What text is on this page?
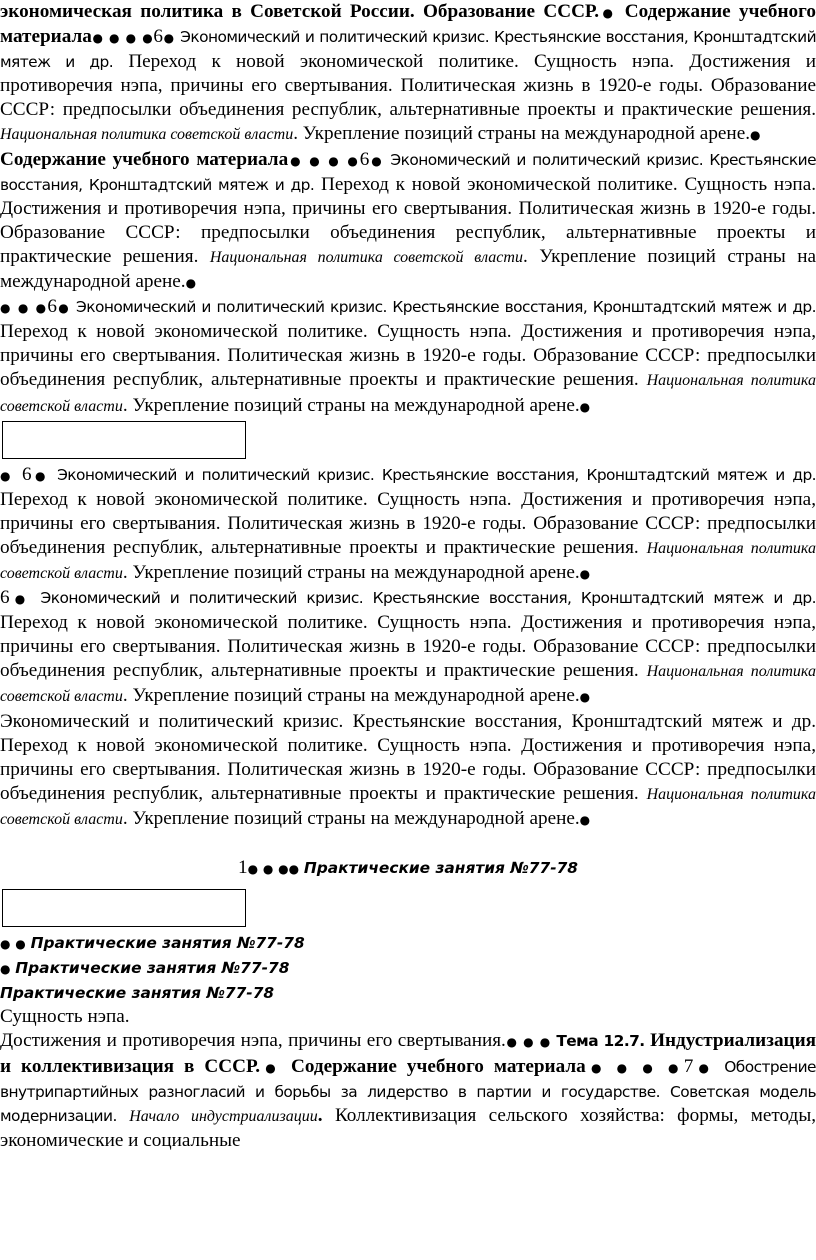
экономическая политика в Советской России. Образование СССР.● Содержание учебного материала● ● ● ●6● Экономический и политический кризис. Крестьянские восстания, Кронштадтский мятеж и др. Переход к новой экономической политике. Сущность нэпа. Достижения и противоречия нэпа, причины его свертывания. Политическая жизнь в 1920-е годы. Образование СССР: предпосылки объединения республик, альтернативные проекты и практические решения. Национальная политика советской власти. Укрепление позиций страны на международной арене.●

Содержание учебного материала● ● ● ●6● Экономический и политический кризис. Крестьянские восстания, Кронштадтский мятеж и др. Переход к новой экономической политике. Сущность нэпа. Достижения и противоречия нэпа, причины его свертывания. Политическая жизнь в 1920-е годы. Образование СССР: предпосылки объединения республик, альтернативные проекты и практические решения. Национальная политика советской власти. Укрепление позиций страны на международной арене.●

● ● ●6● Экономический и политический кризис. Крестьянские восстания, Кронштадтский мятеж и др. Переход к новой экономической политике. Сущность нэпа. Достижения и противоречия нэпа, причины его свертывания. Политическая жизнь в 1920-е годы. Образование СССР: предпосылки объединения республик, альтернативные проекты и практические решения. Национальная политика советской власти. Укрепление позиций страны на международной арене.●

● 6● Экономический и политический кризис. Крестьянские восстания, Кронштадтский мятеж и др. Переход к новой экономической политике. Сущность нэпа. Достижения и противоречия нэпа, причины его свертывания. Политическая жизнь в 1920-е годы. Образование СССР: предпосылки объединения республик, альтернативные проекты и практические решения. Национальная политика советской власти. Укрепление позиций страны на международной арене.●

6● Экономический и политический кризис. Крестьянские восстания, Кронштадтский мятеж и др. Переход к новой экономической политике. Сущность нэпа. Достижения и противоречия нэпа, причины его свертывания. Политическая жизнь в 1920-е годы. Образование СССР: предпосылки объединения республик, альтернативные проекты и практические решения. Национальная политика советской власти. Укрепление позиций страны на международной арене.●

Экономический и политический кризис. Крестьянские восстания, Кронштадтский мятеж и др. Переход к новой экономической политике. Сущность нэпа. Достижения и противоречия нэпа, причины его свертывания. Политическая жизнь в 1920-е годы. Образование СССР: предпосылки объединения республик, альтернативные проекты и практические решения. Национальная политика советской власти. Укрепление позиций страны на международной арене.●

1● ● ●● Практические занятия №77-78

● ● Практические занятия №77-78

● Практические занятия №77-78

Практические занятия №77-78

Сущность нэпа.

Достижения и противоречия нэпа, причины его свертывания.● ● ● Тема 12.7. Индустриализация и коллективизация в СССР.● Содержание учебного материала● ● ● ●7● Обострение внутрипартийных разногласий и борьбы за лидерство в партии и государстве. Советская модель модернизации. Начало индустриализации. Коллективизация сельского хозяйства: формы, методы, экономические и социальные
